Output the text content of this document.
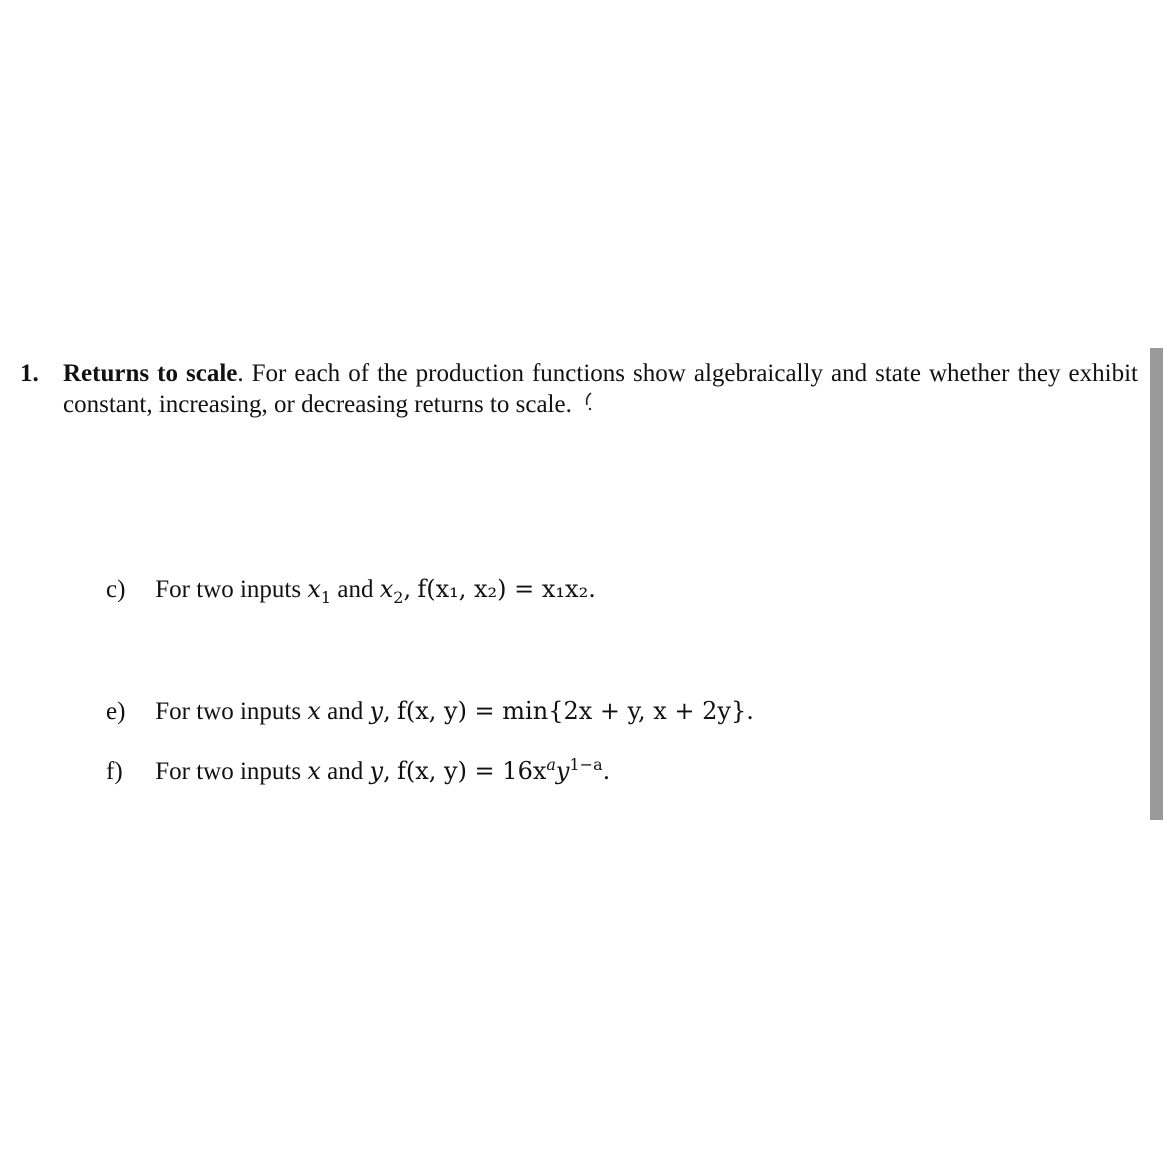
1. Returns to scale. For each of the production functions show algebraically and state whether they exhibit constant, increasing, or decreasing returns to scale.
c) For two inputs $x_1$ and $x_2$, f(x₁, x₂) = x₁x₂.
e) For two inputs x and y, f(x, y) = min{2x + y, x + 2y}.
f) For two inputs x and y, f(x, $y) = 16x^ay^{1-a}$.
